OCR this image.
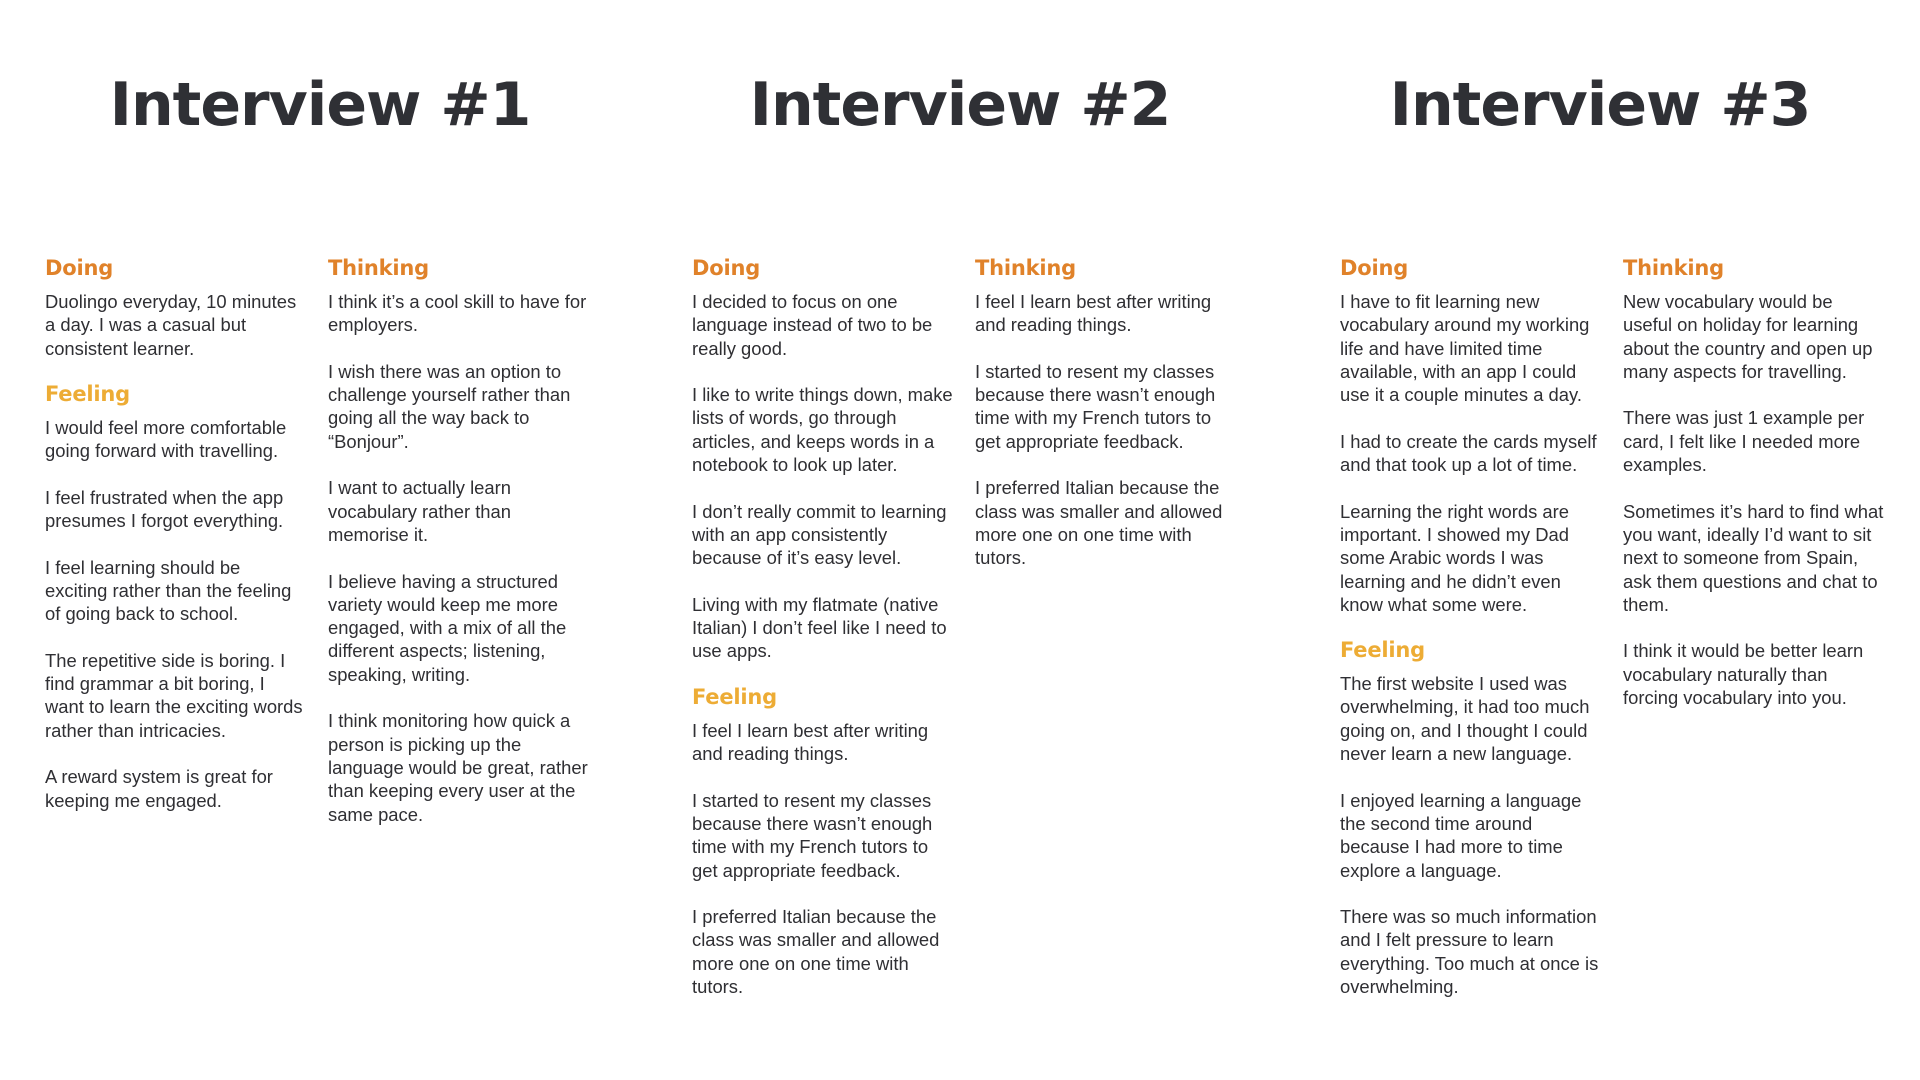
Interview #1
Doing

Duolingo everyday, 10 minutes a day. I was a casual but consistent learner.

Feeling

I would feel more comfortable going forward with travelling.

I feel frustrated when the app presumes I forgot everything.

I feel learning should be exciting rather than the feeling of going back to school.

The repetitive side is boring. I find grammar a bit boring, I want to learn the exciting words rather than intricacies.

A reward system is great for keeping me engaged.

Thinking

I think it’s a cool skill to have for employers.

I wish there was an option to challenge yourself rather than going all the way back to “Bonjour”.

I want to actually learn vocabulary rather than memorise it.

I believe having a structured variety would keep me more engaged, with a mix of all the different aspects; listening, speaking, writing.

I think monitoring how quick a person is picking up the language would be great, rather than keeping every user at the same pace.

Interview #2
Doing

I decided to focus on one language instead of two to be really good.

I like to write things down, make lists of words, go through articles, and keeps words in a notebook to look up later.

I don’t really commit to learning with an app consistently because of it’s easy level.

Living with my flatmate (native Italian) I don’t feel like I need to use apps.

Feeling

I feel I learn best after writing and reading things.

I started to resent my classes because there wasn’t enough time with my French tutors to get appropriate feedback.

I preferred Italian because the class was smaller and allowed more one on one time with tutors.

Thinking

I feel I learn best after writing and reading things.

I started to resent my classes because there wasn’t enough time with my French tutors to get appropriate feedback.

I preferred Italian because the class was smaller and allowed more one on one time with tutors.

Interview #3
Doing

I have to fit learning new vocabulary around my working life and have limited time available, with an app I could use it a couple minutes a day.

I had to create the cards myself and that took up a lot of time.

Learning the right words are important. I showed my Dad some Arabic words I was learning and he didn’t even know what some were.

Feeling

The first website I used was overwhelming, it had too much going on, and I thought I could never learn a new language.

I enjoyed learning a language the second time around because I had more to time explore a language.

There was so much information and I felt pressure to learn everything. Too much at once is overwhelming.

Thinking

New vocabulary would be useful on holiday for learning about the country and open up many aspects for travelling.

There was just 1 example per card, I felt like I needed more examples.

Sometimes it’s hard to find what you want, ideally I’d want to sit next to someone from Spain, ask them questions and chat to them.

I think it would be better learn vocabulary naturally than forcing vocabulary into you.
